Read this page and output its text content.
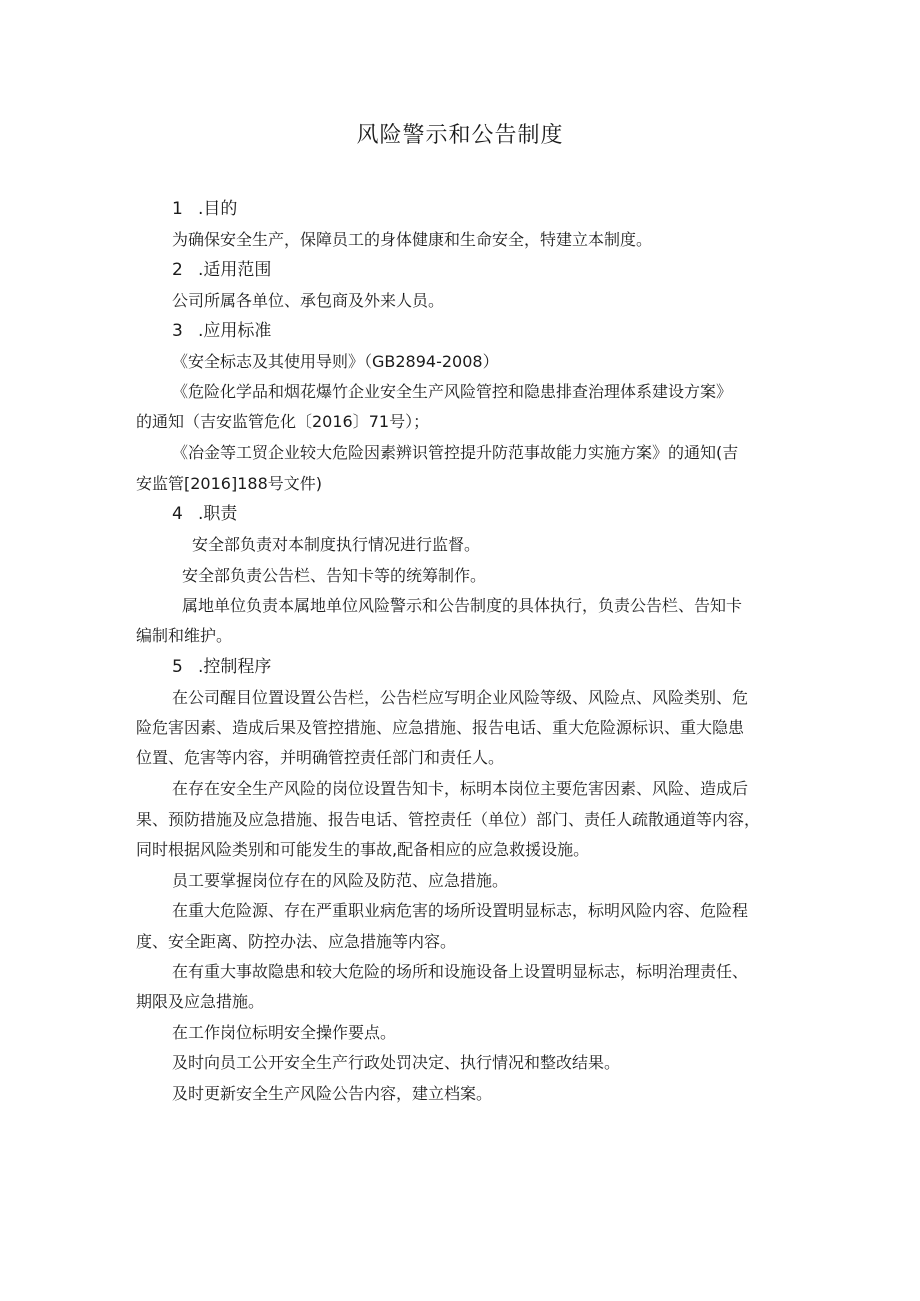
风险警示和公告制度
1 .目的
为确保安全生产，保障员工的身体健康和生命安全，特建立本制度。
2 .适用范围
公司所属各单位、承包商及外来人员。
3 .应用标准
《安全标志及其使用导则》（GB2894-2008）
《危险化学品和烟花爆竹企业安全生产风险管控和隐患排查治理体系建设方案》
的通知（吉安监管危化〔2016〕71号）；
《冶金等工贸企业较大危险因素辨识管控提升防范事故能力实施方案》的通知(吉
安监管[2016]188号文件)
4 .职责
安全部负责对本制度执行情况进行监督。
安全部负责公告栏、告知卡等的统筹制作。
属地单位负责本属地单位风险警示和公告制度的具体执行，负责公告栏、告知卡
编制和维护。
5 .控制程序
在公司醒目位置设置公告栏，公告栏应写明企业风险等级、风险点、风险类别、危
险危害因素、造成后果及管控措施、应急措施、报告电话、重大危险源标识、重大隐患
位置、危害等内容，并明确管控责任部门和责任人。
在存在安全生产风险的岗位设置告知卡，标明本岗位主要危害因素、风险、造成后
果、预防措施及应急措施、报告电话、管控责任（单位）部门、责任人疏散通道等内容，
同时根据风险类别和可能发生的事故,配备相应的应急救援设施。
员工要掌握岗位存在的风险及防范、应急措施。
在重大危险源、存在严重职业病危害的场所设置明显标志，标明风险内容、危险程
度、安全距离、防控办法、应急措施等内容。
在有重大事故隐患和较大危险的场所和设施设备上设置明显标志，标明治理责任、
期限及应急措施。
在工作岗位标明安全操作要点。
及时向员工公开安全生产行政处罚决定、执行情况和整改结果。
及时更新安全生产风险公告内容，建立档案。
